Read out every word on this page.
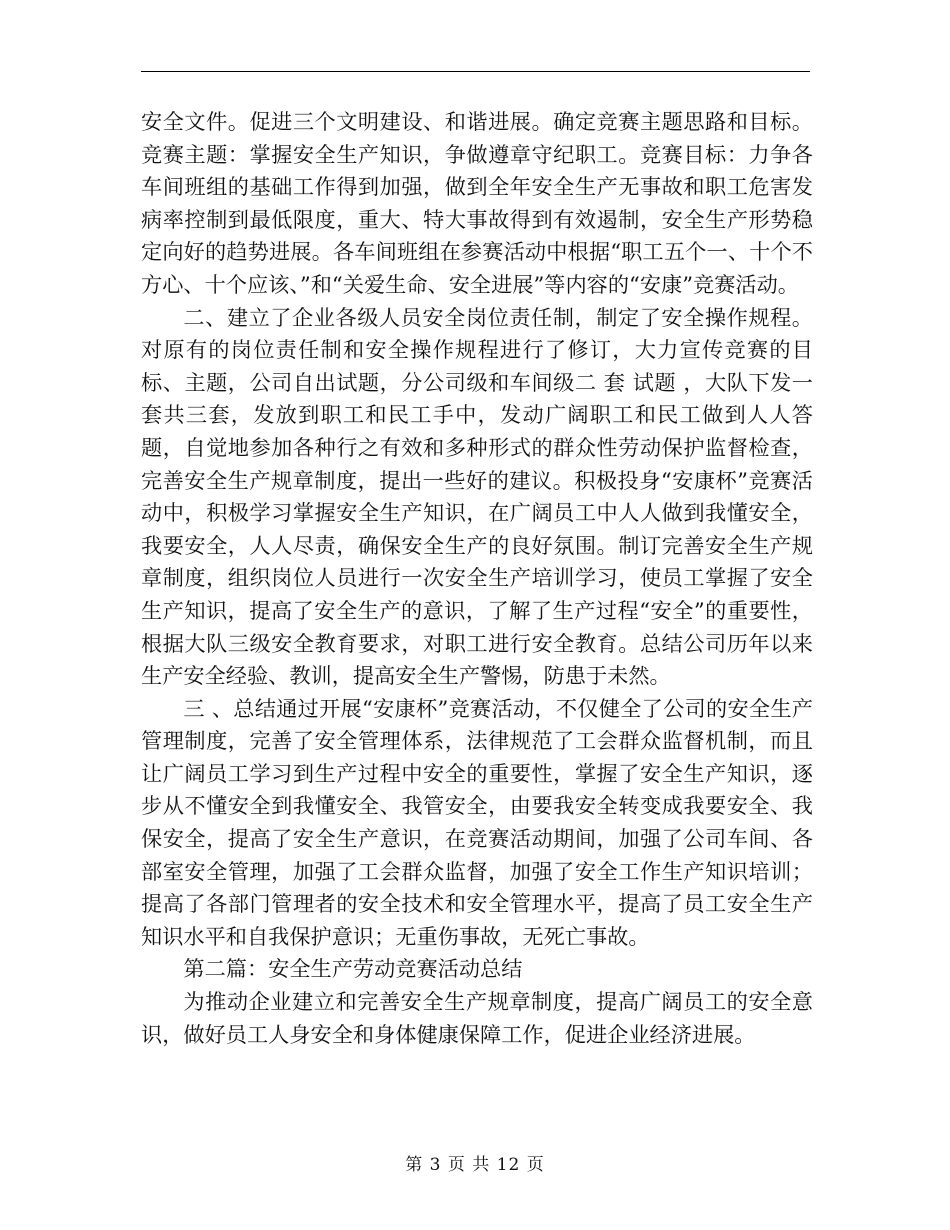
安全文件。促进三个文明建设、和谐进展。确定竞赛主题思路和目标。竞赛主题：掌握安全生产知识，争做遵章守纪职工。竞赛目标：力争各车间班组的基础工作得到加强，做到全年安全生产无事故和职工危害发病率控制到最低限度，重大、特大事故得到有效遏制，安全生产形势稳定向好的趋势进展。各车间班组在参赛活动中根据“职工五个一、十个不方心、十个应该、”和“关爱生命、安全进展”等内容的“安康”竞赛活动。

二、建立了企业各级人员安全岗位责任制，制定了安全操作规程。对原有的岗位责任制和安全操作规程进行了修订，大力宣传竞赛的目标、主题，公司自出试题，分公司级和车间级二 套 试题 ，大队下发一套共三套，发放到职工和民工手中，发动广阔职工和民工做到人人答题，自觉地参加各种行之有效和多种形式的群众性劳动保护监督检查，完善安全生产规章制度，提出一些好的建议。积极投身“安康杯”竞赛活动中，积极学习掌握安全生产知识，在广阔员工中人人做到我懂安全，我要安全，人人尽责，确保安全生产的良好氛围。制订完善安全生产规章制度，组织岗位人员进行一次安全生产培训学习，使员工掌握了安全生产知识，提高了安全生产的意识，了解了生产过程“安全”的重要性，根据大队三级安全教育要求，对职工进行安全教育。总结公司历年以来生产安全经验、教训，提高安全生产警惕，防患于未然。

三 、总结通过开展“安康杯”竞赛活动，不仅健全了公司的安全生产管理制度，完善了安全管理体系，法律规范了工会群众监督机制，而且让广阔员工学习到生产过程中安全的重要性，掌握了安全生产知识，逐步从不懂安全到我懂安全、我管安全，由要我安全转变成我要安全、我保安全，提高了安全生产意识，在竞赛活动期间，加强了公司车间、各部室安全管理，加强了工会群众监督，加强了安全工作生产知识培训；提高了各部门管理者的安全技术和安全管理水平，提高了员工安全生产知识水平和自我保护意识；无重伤事故，无死亡事故。

第二篇：安全生产劳动竞赛活动总结

为推动企业建立和完善安全生产规章制度，提高广阔员工的安全意识，做好员工人身安全和身体健康保障工作，促进企业经济进展。

第 3 页 共 12 页
